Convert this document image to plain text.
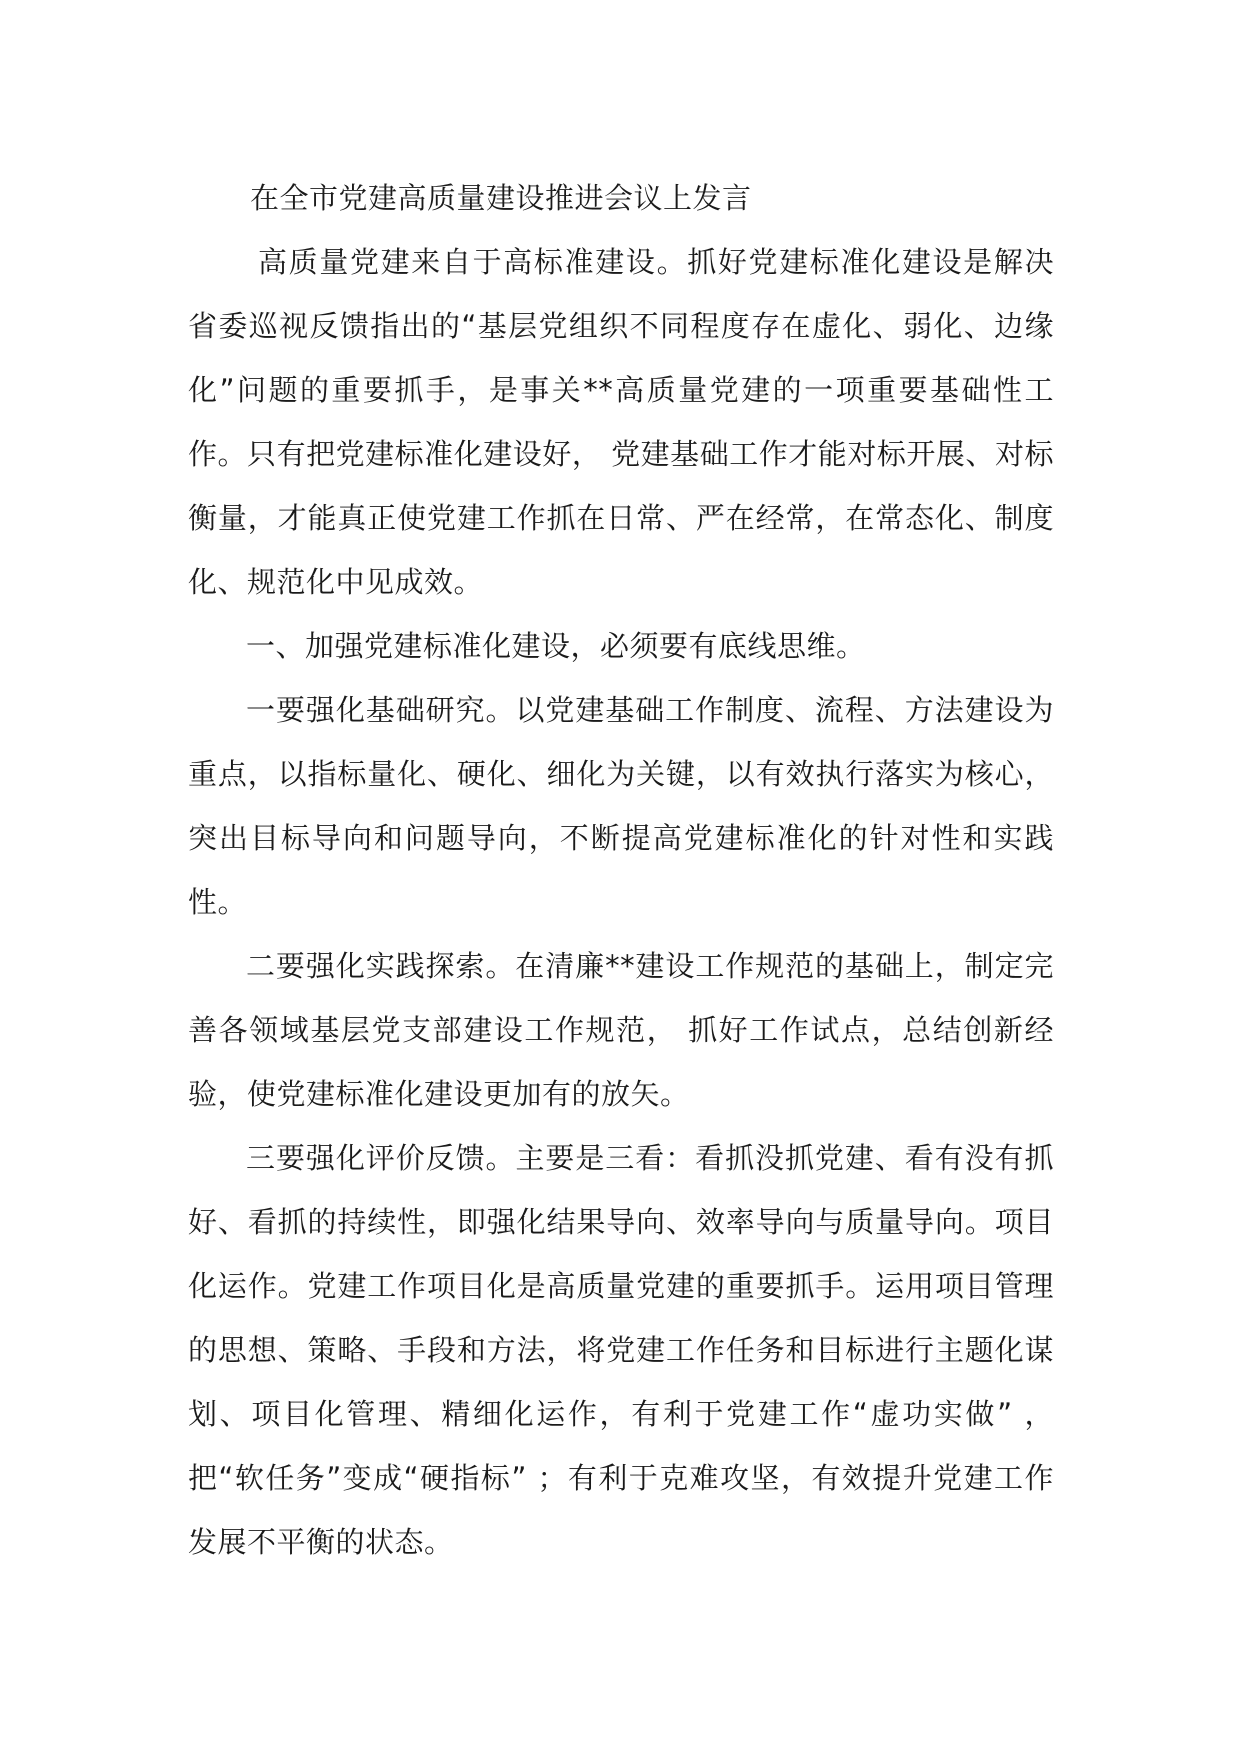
在全市党建高质量建设推进会议上发言

高质量党建来自于高标准建设。抓好党建标准化建设是解决省委巡视反馈指出的“基层党组织不同程度存在虚化、弱化、边缘化”问题的重要抓手，是事关**高质量党建的一项重要基础性工作。只有把党建标准化建设好， 党建基础工作才能对标开展、对标衡量，才能真正使党建工作抓在日常、严在经常，在常态化、制度化、规范化中见成效。

一、加强党建标准化建设，必须要有底线思维。

一要强化基础研究。以党建基础工作制度、流程、方法建设为重点，以指标量化、硬化、细化为关键，以有效执行落实为核心，突出目标导向和问题导向，不断提高党建标准化的针对性和实践性。

二要强化实践探索。在清廉**建设工作规范的基础上，制定完善各领域基层党支部建设工作规范， 抓好工作试点，总结创新经验，使党建标准化建设更加有的放矢。

三要强化评价反馈。主要是三看：看抓没抓党建、看有没有抓好、看抓的持续性，即强化结果导向、效率导向与质量导向。项目化运作。党建工作项目化是高质量党建的重要抓手。运用项目管理的思想、策略、手段和方法，将党建工作任务和目标进行主题化谋划、项目化管理、精细化运作，有利于党建工作“虚功实做” ，把“软任务”变成“硬指标” ；有利于克难攻坚，有效提升党建工作发展不平衡的状态。
